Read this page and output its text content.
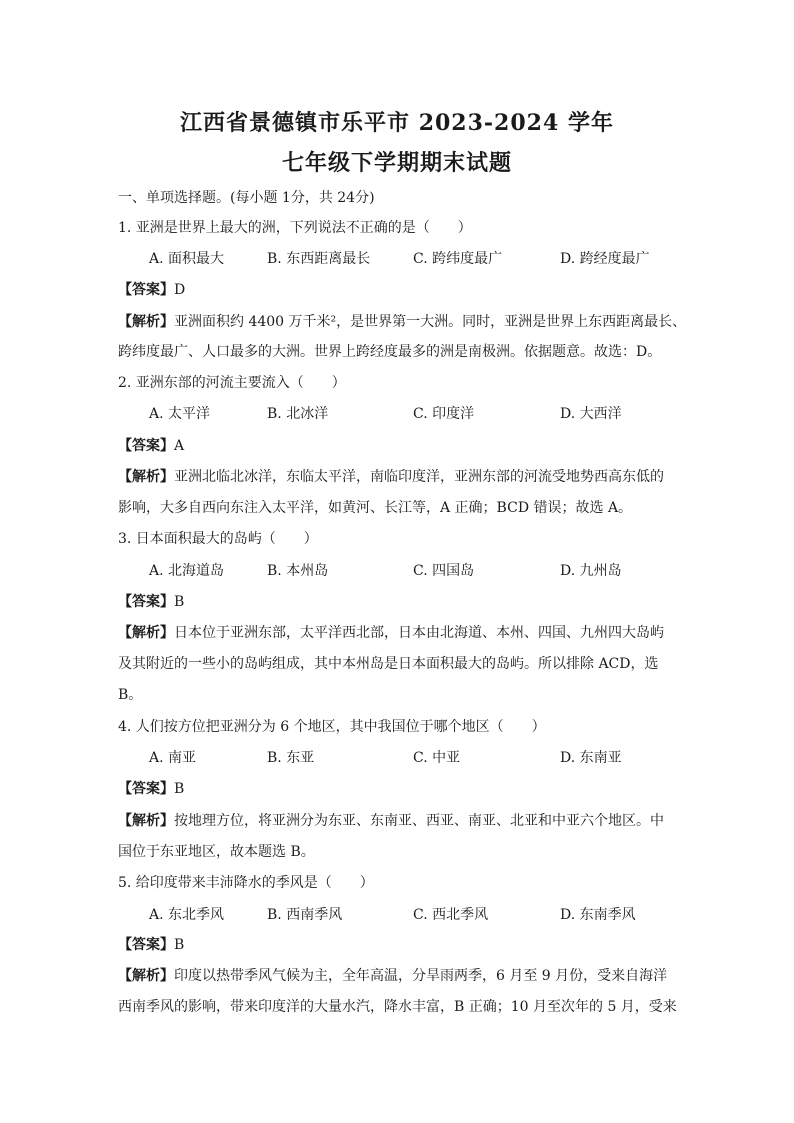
江西省景德镇市乐平市 2023-2024 学年
七年级下学期期末试题
一、单项选择题。(每小题 1分，共 24分)
1. 亚洲是世界上最大的洲，下列说法不正确的是（　　）
A. 面积最大	B. 东西距离最长	C. 跨纬度最广	D. 跨经度最广
【答案】D
【解析】亚洲面积约 4400 万千米²，是世界第一大洲。同时，亚洲是世界上东西距离最长、
跨纬度最广、人口最多的大洲。世界上跨经度最多的洲是南极洲。依据题意。故选：D。
2. 亚洲东部的河流主要流入（　　）
A. 太平洋	B. 北冰洋	C. 印度洋	D. 大西洋
【答案】A
【解析】亚洲北临北冰洋，东临太平洋，南临印度洋，亚洲东部的河流受地势西高东低的
影响，大多自西向东注入太平洋，如黄河、长江等，A 正确；BCD 错误；故选 A。
3. 日本面积最大的岛屿（　　）
A. 北海道岛	B. 本州岛	C. 四国岛	D. 九州岛
【答案】B
【解析】日本位于亚洲东部，太平洋西北部，日本由北海道、本州、四国、九州四大岛屿
及其附近的一些小的岛屿组成，其中本州岛是日本面积最大的岛屿。所以排除 ACD，选
B。
4. 人们按方位把亚洲分为 6 个地区，其中我国位于哪个地区（　　）
A. 南亚	B. 东亚	C. 中亚	D. 东南亚
【答案】B
【解析】按地理方位，将亚洲分为东亚、东南亚、西亚、南亚、北亚和中亚六个地区。中
国位于东亚地区，故本题选 B。
5. 给印度带来丰沛降水的季风是（　　）
A. 东北季风	B. 西南季风	C. 西北季风	D. 东南季风
【答案】B
【解析】印度以热带季风气候为主，全年高温，分旱雨两季，6 月至 9 月份，受来自海洋
西南季风的影响，带来印度洋的大量水汽，降水丰富，B 正确；10 月至次年的 5 月，受来
